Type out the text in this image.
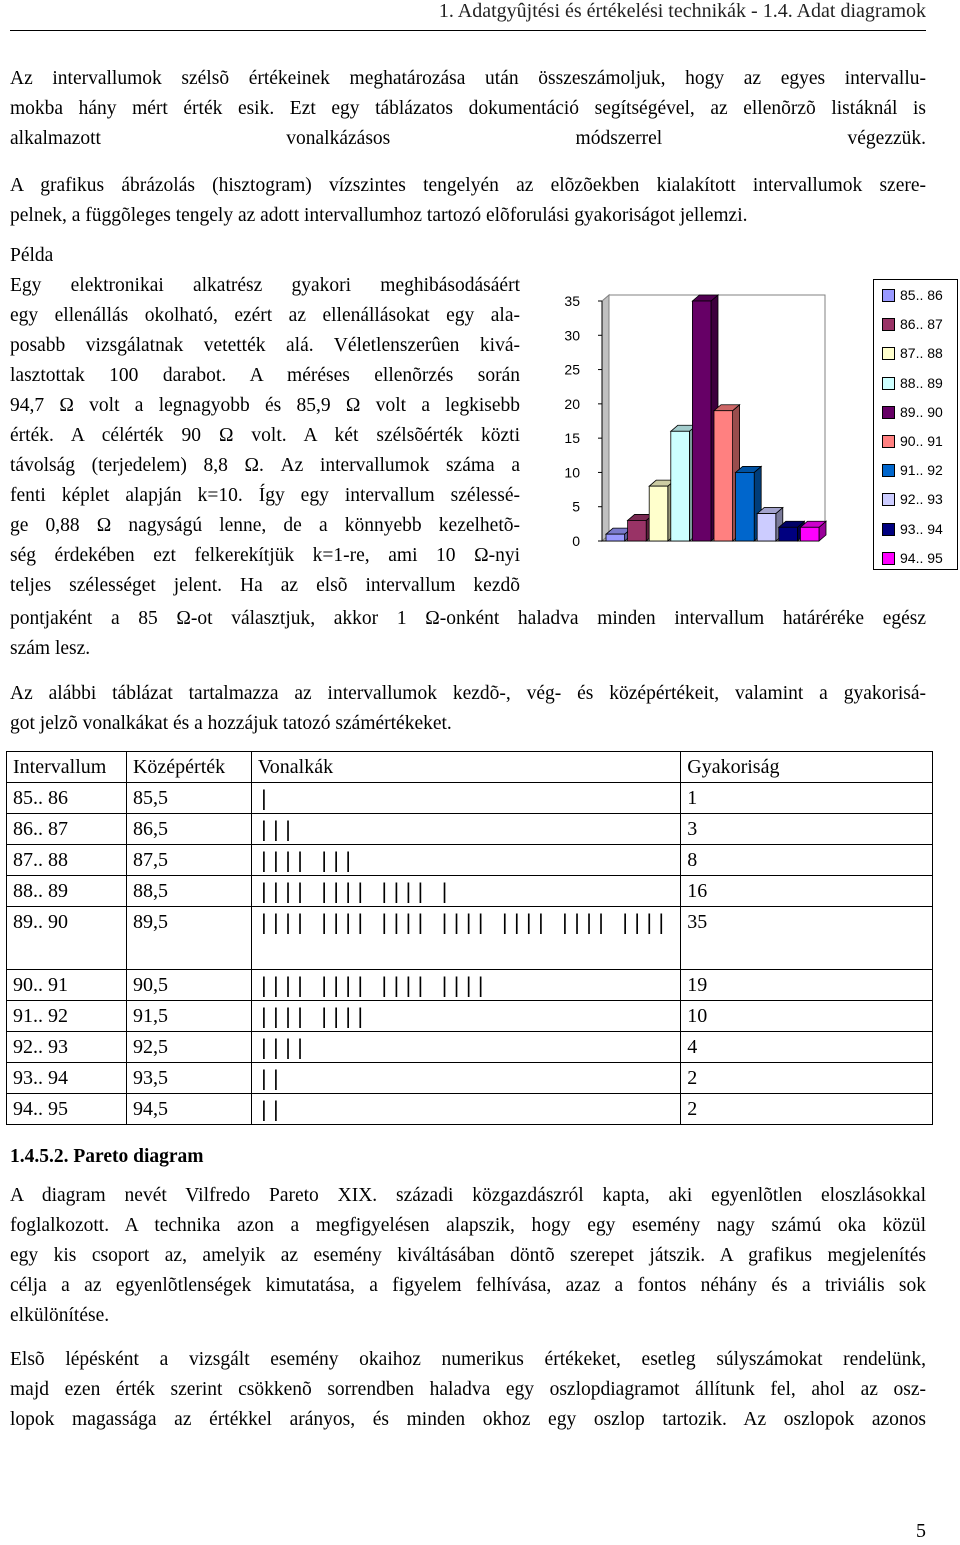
1. Adatgyûjtési és értékelési technikák - 1.4. Adat diagramok
Az intervallumok szélsõ értékeinek meghatározása után összeszámoljuk, hogy az egyes intervallu-
mokba hány mért érték esik. Ezt egy táblázatos dokumentáció segítségével, az ellenõrzõ listáknál is
alkalmazott vonalkázásos módszerrel végezzük.
A grafikus ábrázolás (hisztogram) vízszintes tengelyén az elõzõekben kialakított intervallumok szere-
pelnek, a függõleges tengely az adott intervallumhoz tartozó elõforulási gyakoriságot jellemzi.
Példa
Egy elektronikai alkatrész gyakori meghibásodásáért
egy ellenállás okolható, ezért az ellenállásokat egy ala-
posabb vizsgálatnak vetették alá. Véletlenszerûen kivá-
lasztottak 100 darabot. A méréses ellenõrzés során
94,7 Ω volt a legnagyobb és 85,9 Ω volt a legkisebb
érték. A célérték 90 Ω volt. A két szélsõérték közti
távolság (terjedelem) 8,8 Ω. Az intervallumok száma a
fenti képlet alapján k=10. Így egy intervallum szélessé-
ge 0,88 Ω nagyságú lenne, de a könnyebb kezelhetõ-
ség érdekében ezt felkerekítjük k=1-re, ami 10 Ω-nyi
teljes szélességet jelent. Ha az elsõ intervallum kezdõ
pontjaként a 85 Ω-ot választjuk, akkor 1 Ω-onként haladva minden intervallum határéréke egész
szám lesz.
0
5
10
15
20
25
30
35	85.. 86
86.. 87
87.. 88
88.. 89
89.. 90
90.. 91
91.. 92
92.. 93
93.. 94
94.. 95
Az alábbi táblázat tartalmazza az intervallumok kezdõ-, vég- és középértékeit, valamint a gyakorisá-
got jelzõ vonalkákat és a hozzájuk tatozó számértékeket.
Intervallum	Középérték	Vonalkák	Gyakoriság
85.. 86	85,5	|	1
86.. 87	86,5	|||	3
87.. 88	87,5	|||| |||	8
88.. 89	88,5	|||| |||| |||| |	16
89.. 90	89,5	|||| |||| |||| |||| |||| |||| ||||	35
90.. 91	90,5	|||| |||| |||| ||||	19
91.. 92	91,5	|||| ||||	10
92.. 93	92,5	||||	4
93.. 94	93,5	||	2
94.. 95	94,5	||	2
1.4.5.2. Pareto diagram
A diagram nevét Vilfredo Pareto XIX. századi közgazdászról kapta, aki egyenlõtlen eloszlásokkal
foglalkozott. A technika azon a megfigyelésen alapszik, hogy egy esemény nagy számú oka közül
egy kis csoport az, amelyik az esemény kiváltásában döntõ szerepet játszik. A grafikus megjelenítés
célja a az egyenlõtlenségek kimutatása, a figyelem felhívása, azaz a fontos néhány és a triviális sok
elkülönítése.
Elsõ lépésként a vizsgált esemény okaihoz numerikus értékeket, esetleg súlyszámokat rendelünk,
majd ezen érték szerint csökkenõ sorrendben haladva egy oszlopdiagramot állítunk fel, ahol az osz-
lopok magassága az értékkel arányos, és minden okhoz egy oszlop tartozik. Az oszlopok azonos
5
